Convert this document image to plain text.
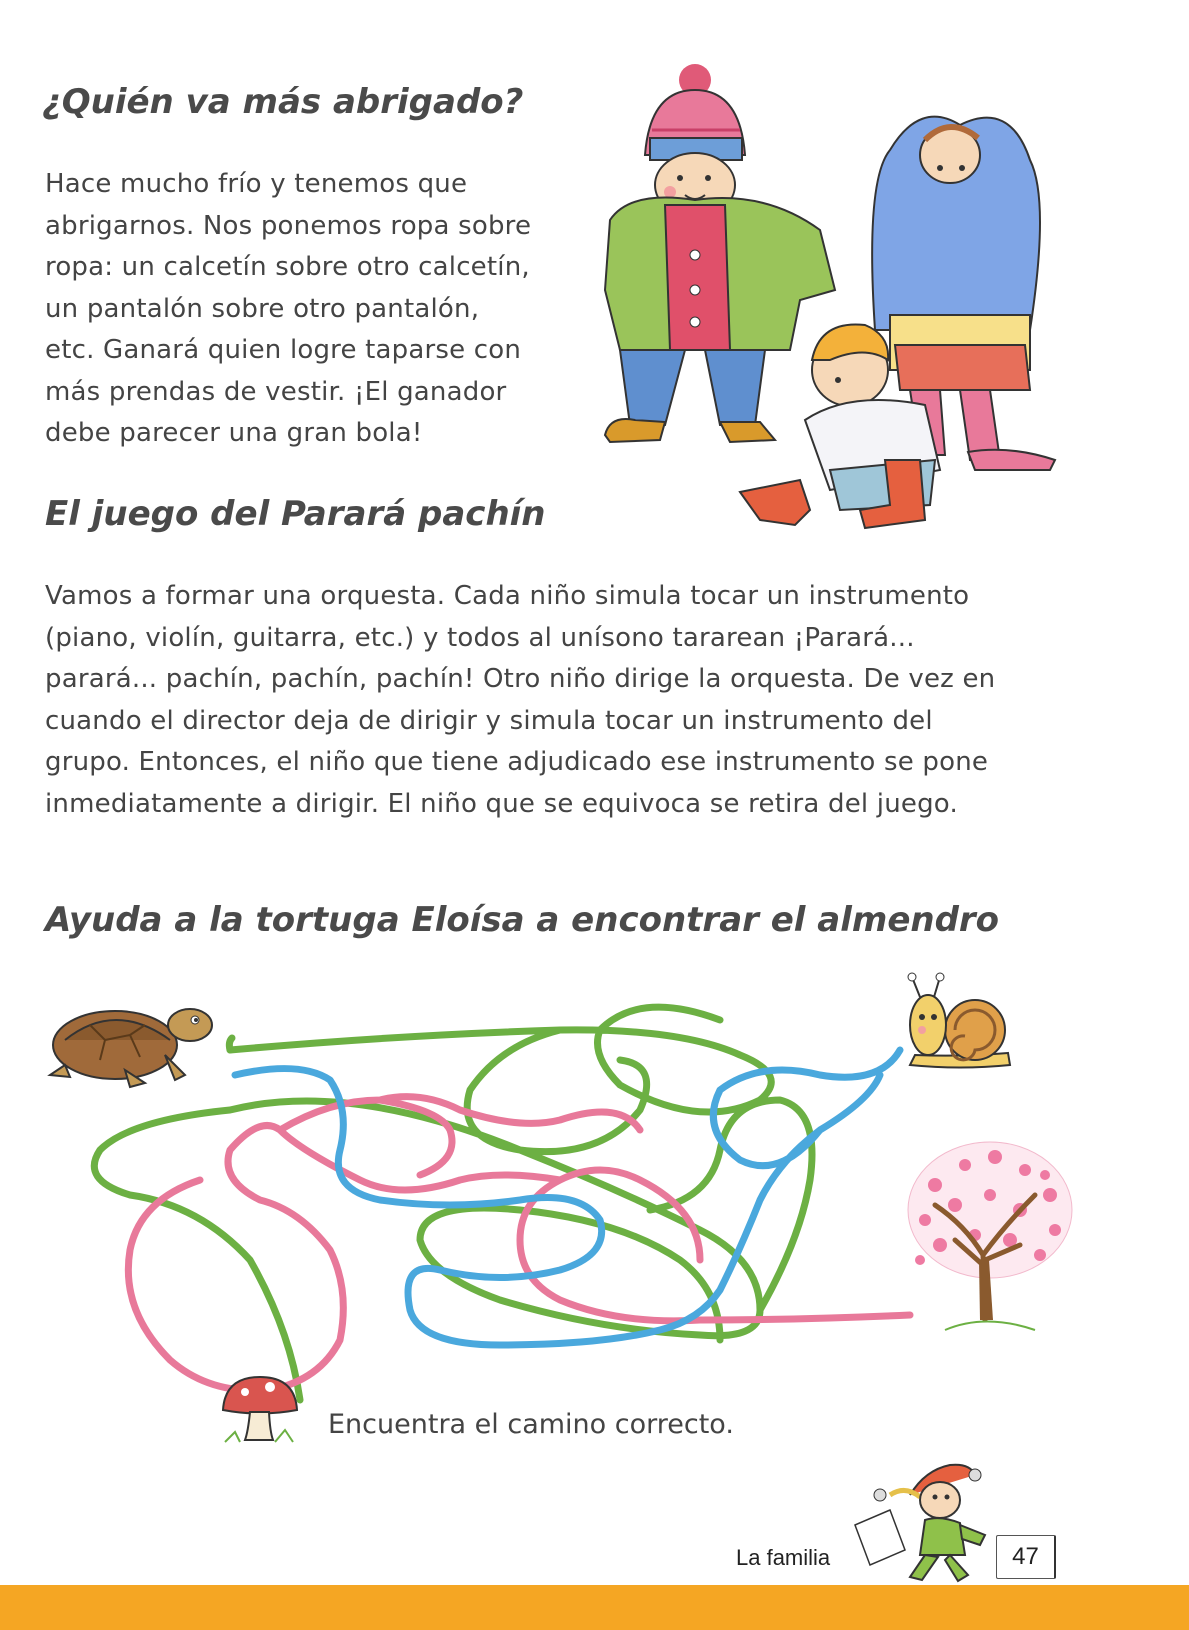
¿Quién va más abrigado?
Hace mucho frío y tenemos que
abrigarnos. Nos ponemos ropa sobre
ropa: un calcetín sobre otro calcetín,
un pantalón sobre otro pantalón,
etc. Ganará quien logre taparse con
más prendas de vestir. ¡El ganador
debe parecer una gran bola!
El juego del Parará pachín
Vamos a formar una orquesta. Cada niño simula tocar un instrumento
(piano, violín, guitarra, etc.) y todos al unísono tararean ¡Parará...
parará... pachín, pachín, pachín! Otro niño dirige la orquesta. De vez en
cuando el director deja de dirigir y simula tocar un instrumento del
grupo. Entonces, el niño que tiene adjudicado ese instrumento se pone
inmediatamente a dirigir. El niño que se equivoca se retira del juego.
Ayuda a la tortuga Eloísa a encontrar el almendro
Encuentra el camino correcto.
La familia	47
